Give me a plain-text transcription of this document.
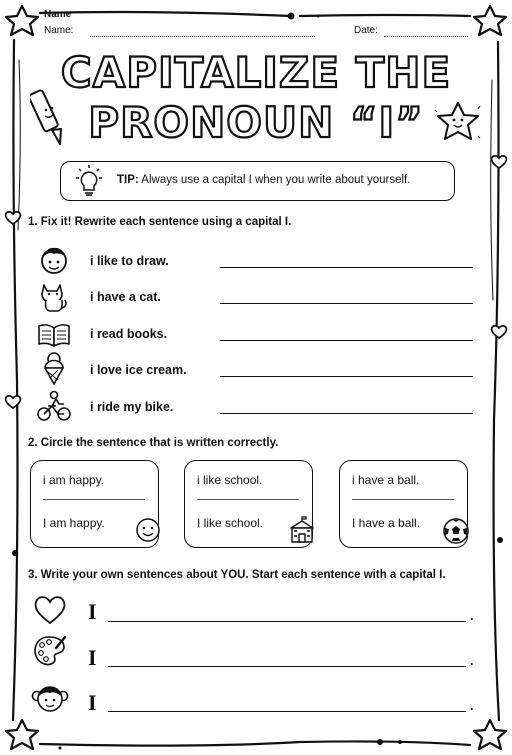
Name
Name:	Date:
CAPITALIZE THE
PRONOUN “I”
TIP: Always use a capital I when you write about yourself.
1. Fix it! Rewrite each sentence using a capital I.
i like to draw.
i have a cat.
i read books.
i love ice cream.
i ride my bike.
2. Circle the sentence that is written correctly.
i am happy.
I am happy.
i like school.
I like school.
i have a ball.
I have a ball.
3. Write your own sentences about YOU. Start each sentence with a capital I.
I
I
I
.
.
.
